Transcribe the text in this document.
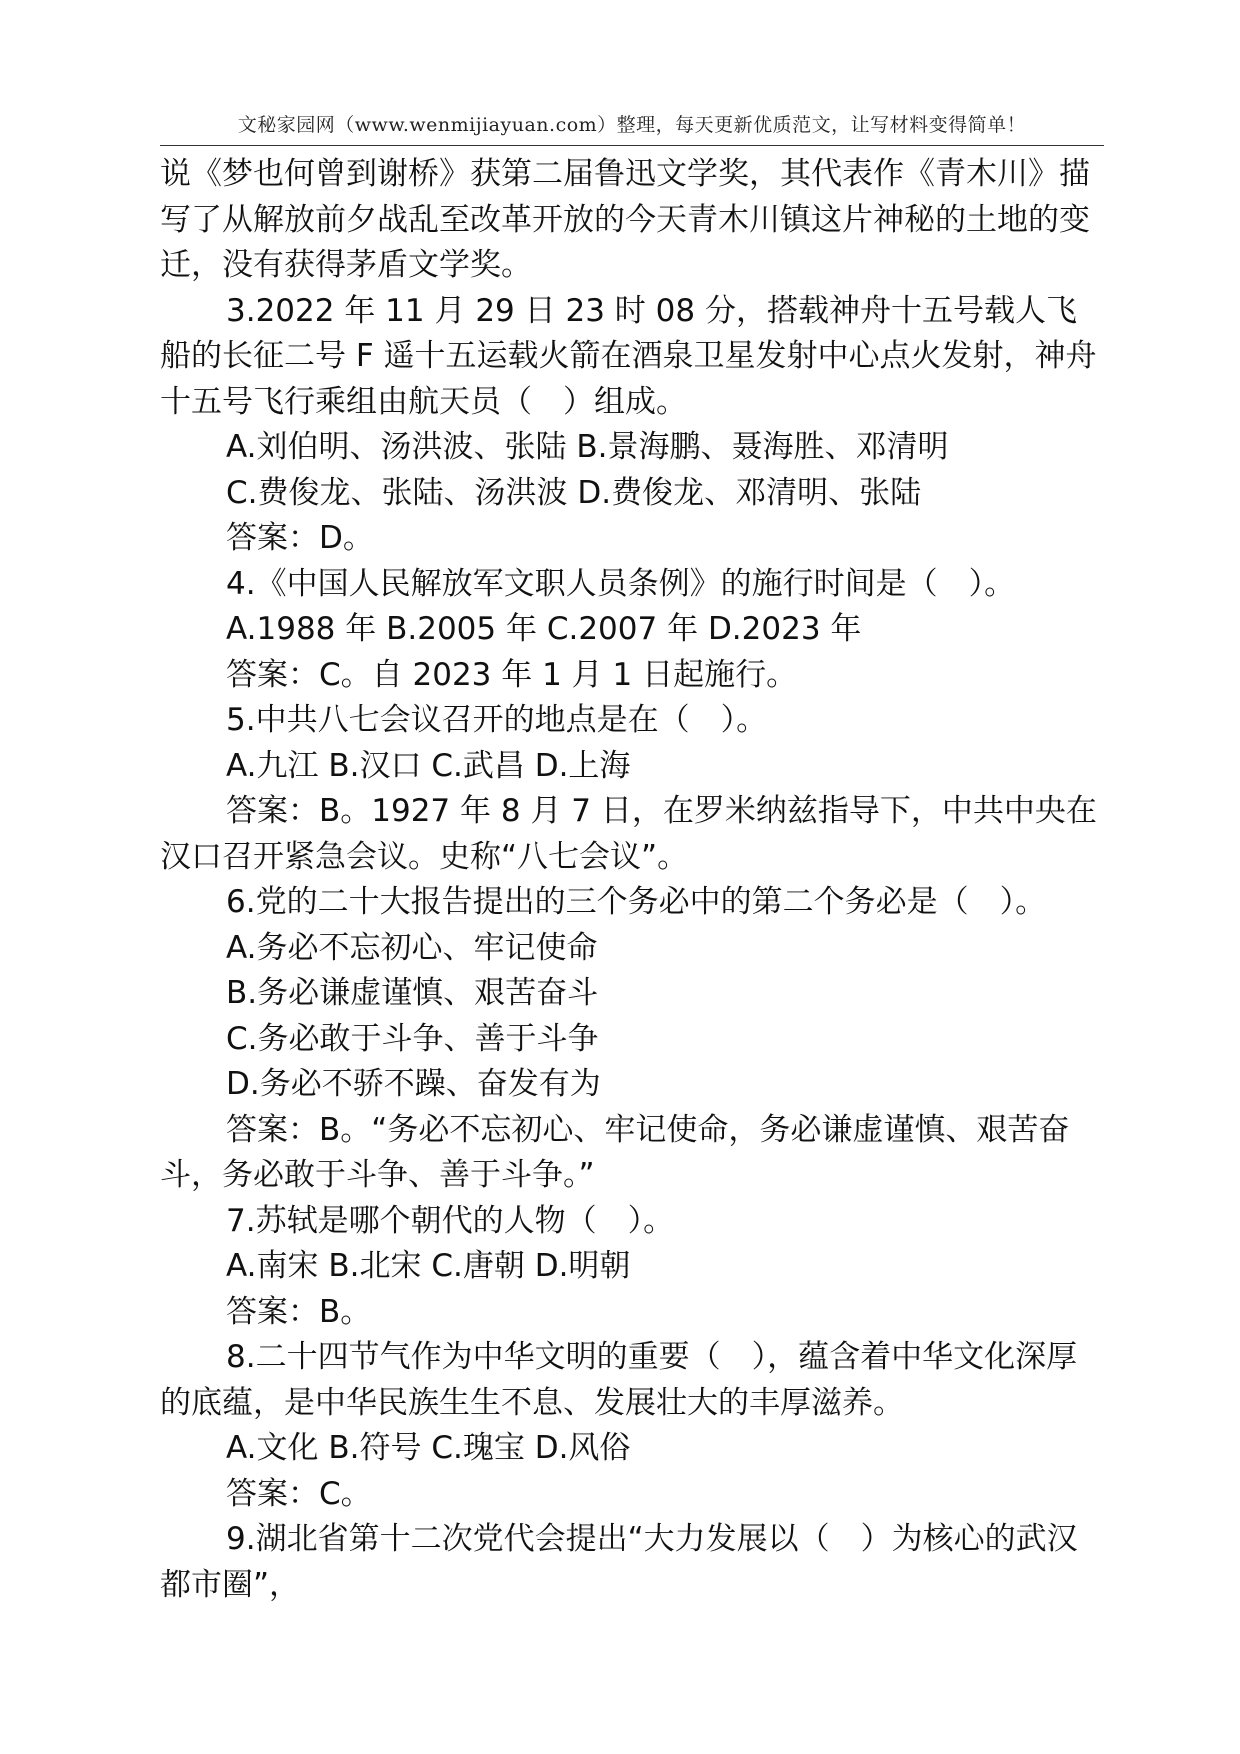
文秘家园网（www.wenmijiayuan.com）整理，每天更新优质范文，让写材料变得简单！

说《梦也何曾到谢桥》获第二届鲁迅文学奖，其代表作《青木川》描写了从解放前夕战乱至改革开放的今天青木川镇这片神秘的土地的变迁，没有获得茅盾文学奖。

3.2022 年 11 月 29 日 23 时 08 分，搭载神舟十五号载人飞船的长征二号 F 遥十五运载火箭在酒泉卫星发射中心点火发射，神舟十五号飞行乘组由航天员（　）组成。

A.刘伯明、汤洪波、张陆 B.景海鹏、聂海胜、邓清明

C.费俊龙、张陆、汤洪波 D.费俊龙、邓清明、张陆

答案：D。

4.《中国人民解放军文职人员条例》的施行时间是（　）。

A.1988 年 B.2005 年 C.2007 年 D.2023 年

答案：C。自 2023 年 1 月 1 日起施行。

5.中共八七会议召开的地点是在（　）。

A.九江 B.汉口 C.武昌 D.上海

答案：B。1927 年 8 月 7 日，在罗米纳兹指导下，中共中央在汉口召开紧急会议。史称“八七会议”。

6.党的二十大报告提出的三个务必中的第二个务必是（　）。

A.务必不忘初心、牢记使命

B.务必谦虚谨慎、艰苦奋斗

C.务必敢于斗争、善于斗争

D.务必不骄不躁、奋发有为

答案：B。“务必不忘初心、牢记使命，务必谦虚谨慎、艰苦奋斗，务必敢于斗争、善于斗争。”

7.苏轼是哪个朝代的人物（　）。

A.南宋 B.北宋 C.唐朝 D.明朝

答案：B。

8.二十四节气作为中华文明的重要（　），蕴含着中华文化深厚的底蕴，是中华民族生生不息、发展壮大的丰厚滋养。

A.文化 B.符号 C.瑰宝 D.风俗

答案：C。

9.湖北省第十二次党代会提出“大力发展以（　）为核心的武汉都市圈”，
